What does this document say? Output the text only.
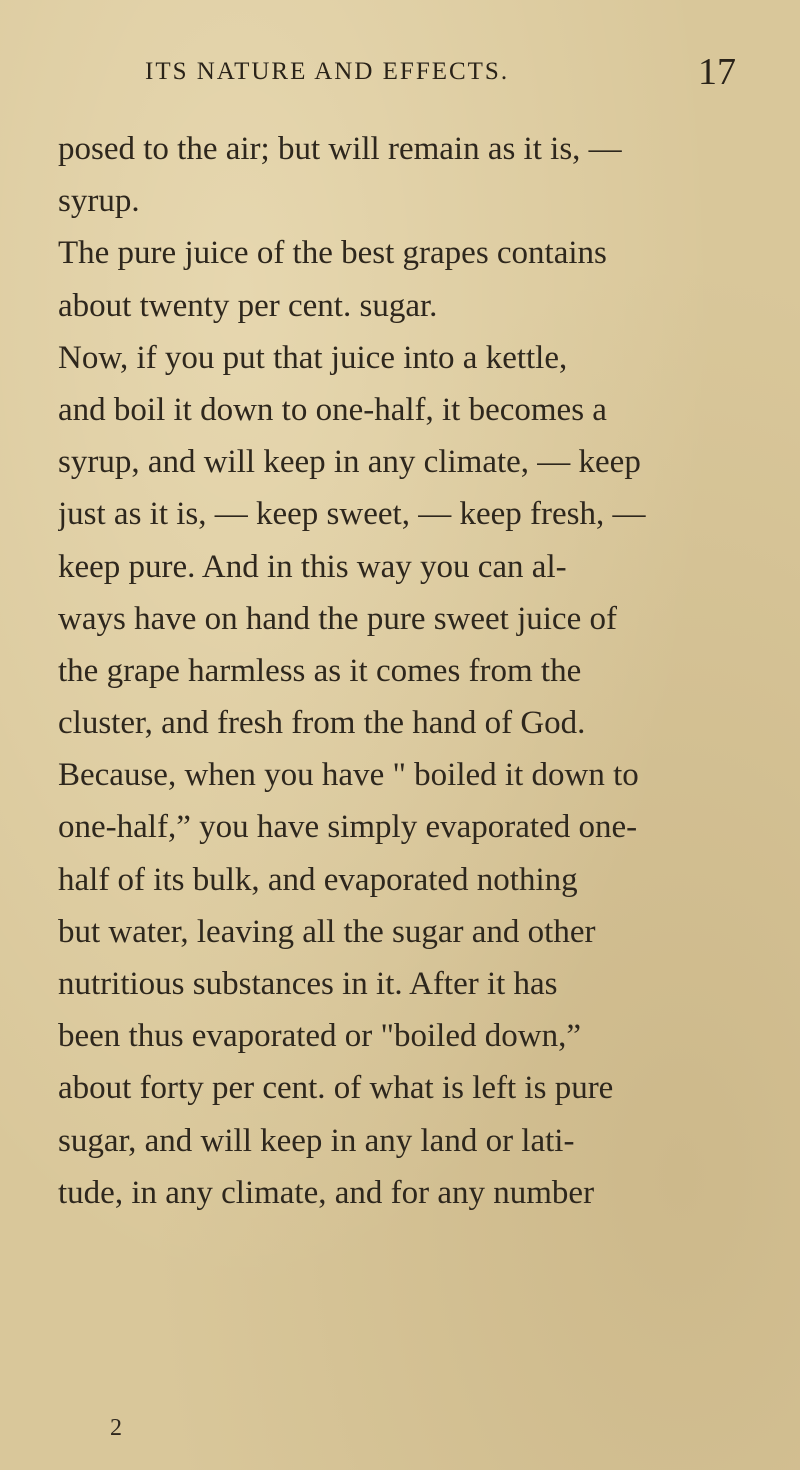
ITS NATURE AND EFFECTS.	17
posed to the air; but will remain as it is, —
syrup.
The pure juice of the best grapes contains
about twenty per cent. sugar.
Now, if you put that juice into a kettle,
and boil it down to one-half, it becomes a
syrup, and will keep in any climate, — keep
just as it is, — keep sweet, — keep fresh, —
keep pure. And in this way you can al-
ways have on hand the pure sweet juice of
the grape harmless as it comes from the
cluster, and fresh from the hand of God.
Because, when you have " boiled it down to
one-half,” you have simply evaporated one-
half of its bulk, and evaporated nothing
but water, leaving all the sugar and other
nutritious substances in it. After it has
been thus evaporated or "boiled down,”
about forty per cent. of what is left is pure
sugar, and will keep in any land or lati-
tude, in any climate, and for any number
2
